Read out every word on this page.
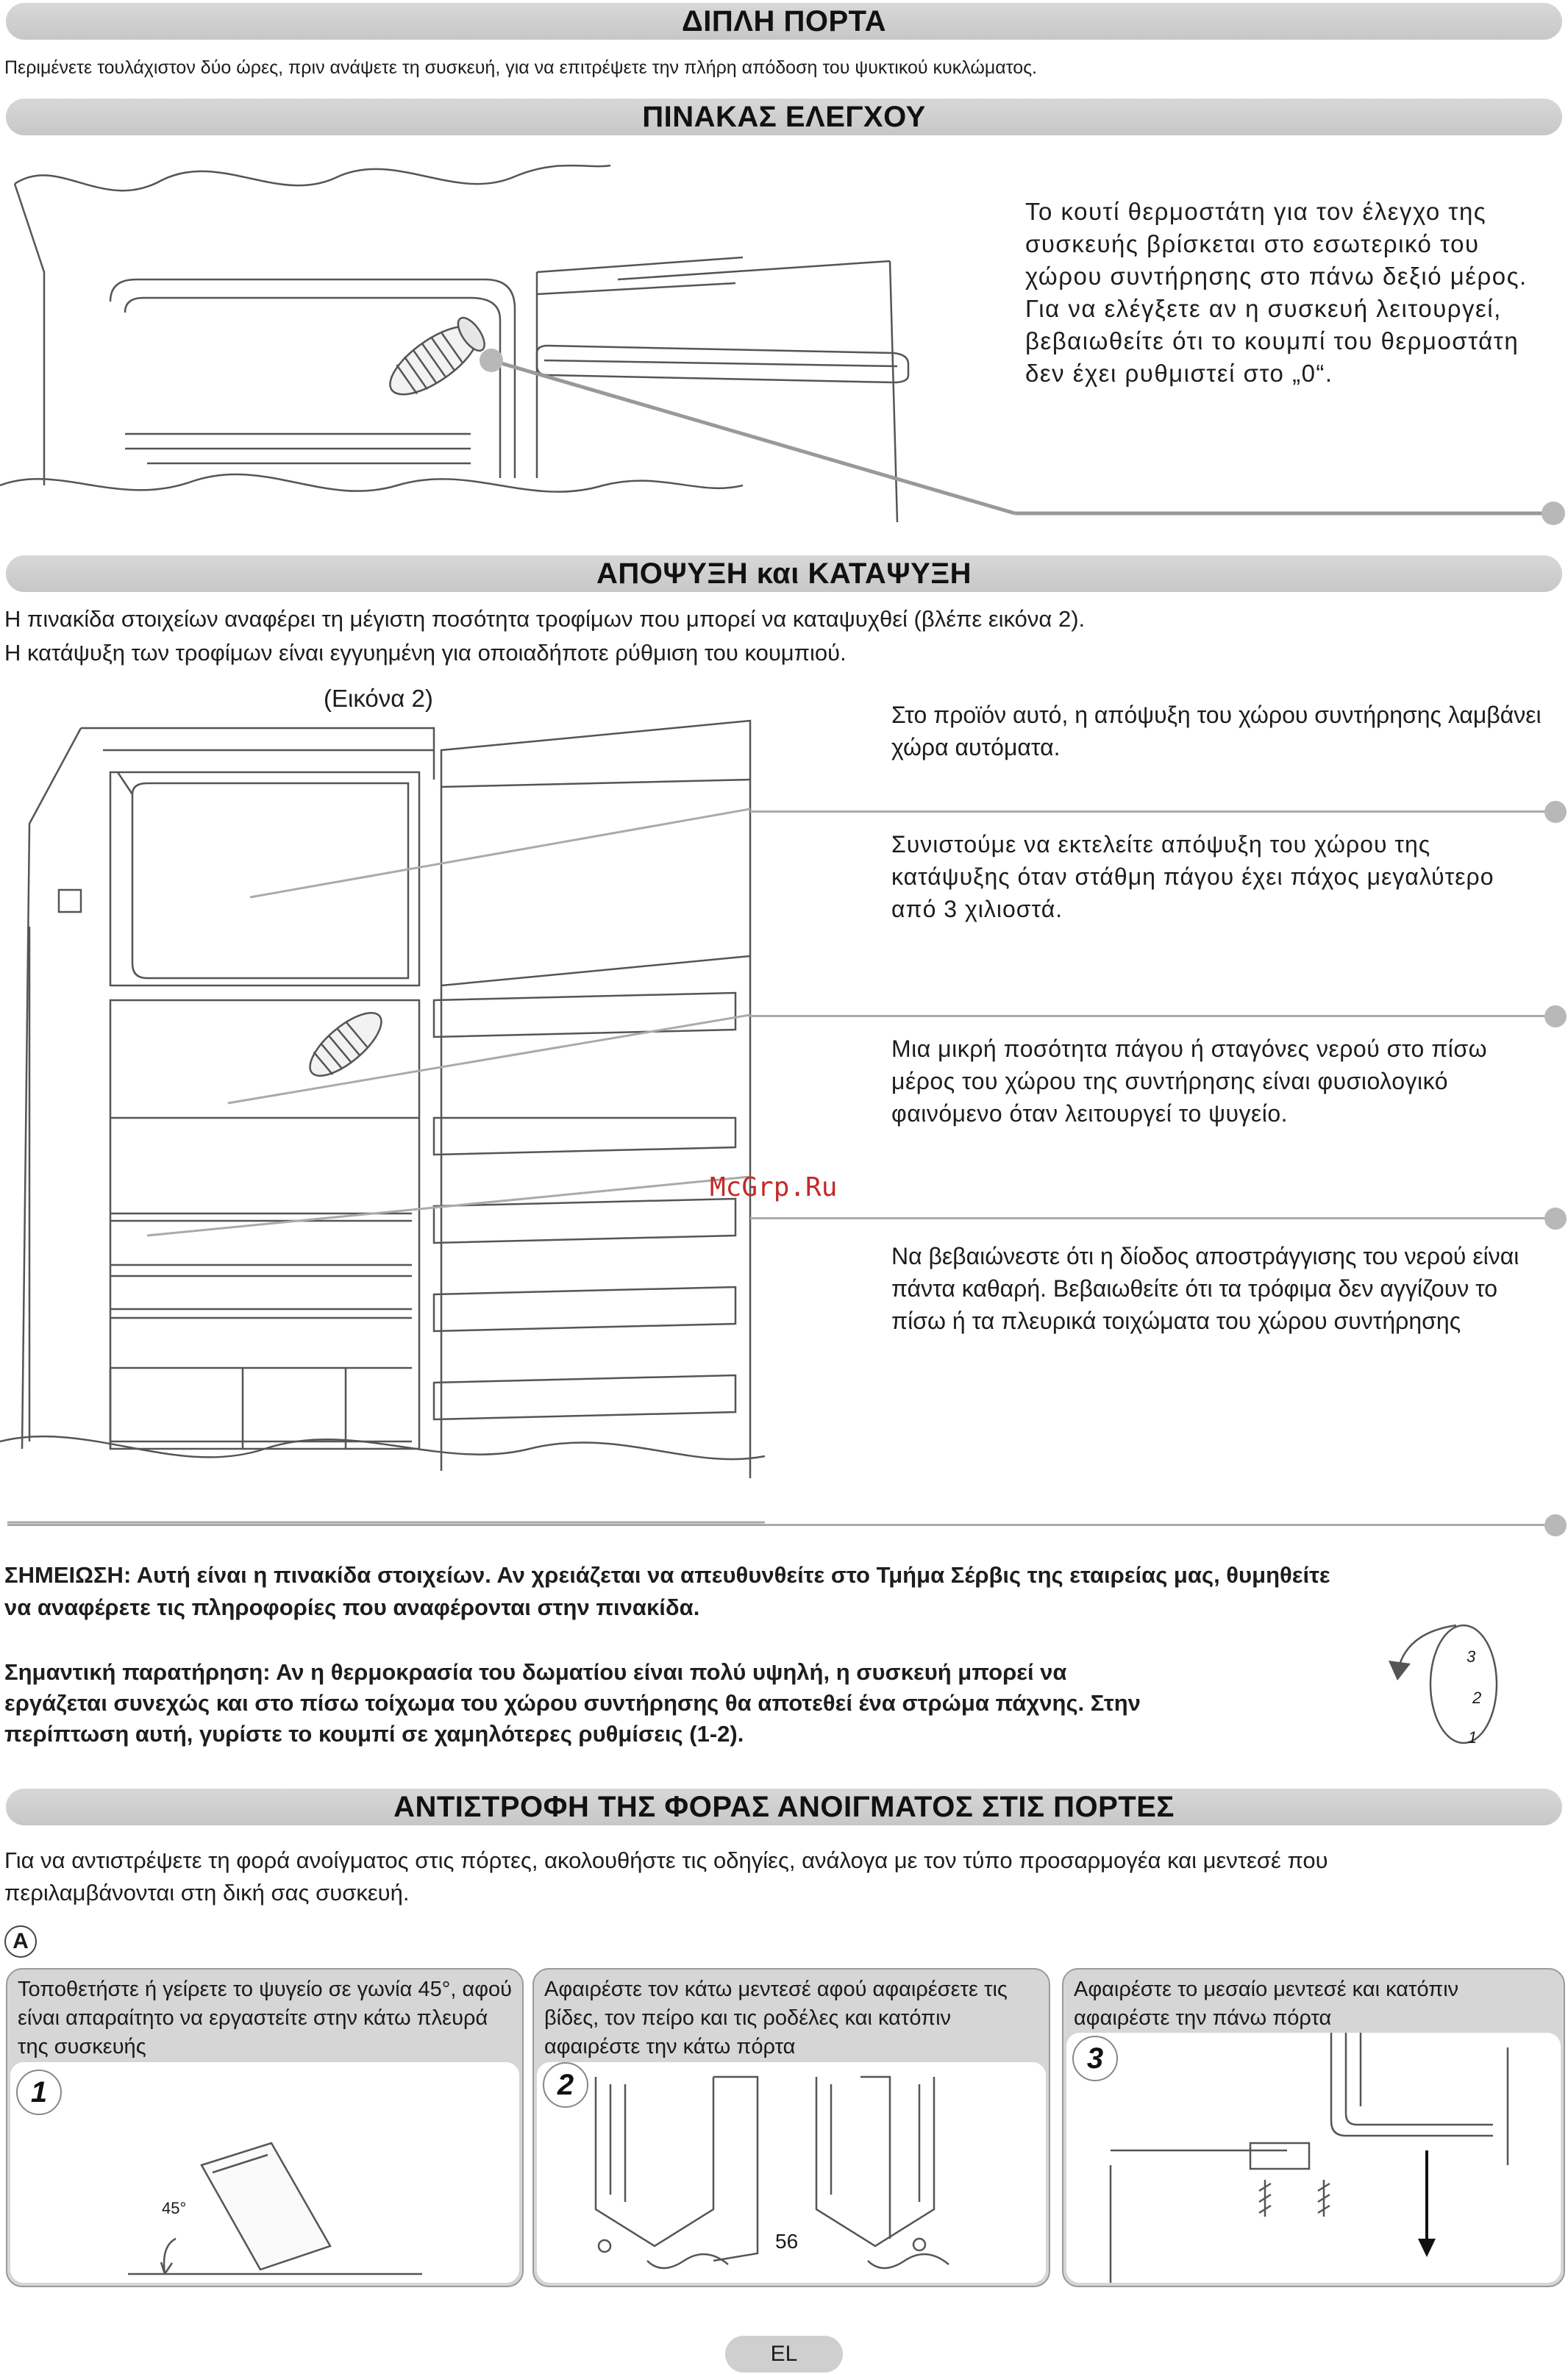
ΔΙΠΛΗ ΠΟΡΤΑ
Περιμένετε τουλάχιστον δύο ώρες, πριν ανάψετε τη συσκευή, για να επιτρέψετε την πλήρη απόδοση του ψυκτικού κυκλώματος.
ΠΙΝΑΚΑΣ ΕΛΕΓΧΟΥ
Το κουτί θερμοστάτη για τον έλεγχο της συσκευής βρίσκεται στο εσωτερικό του χώρου συντήρησης στο πάνω δεξιό μέρος. Για να ελέγξετε αν η συσκευή λειτουργεί, βεβαιωθείτε ότι το κουμπί του θερμοστάτη δεν έχει ρυθμιστεί στο „0“.
ΑΠΟΨΥΞΗ και ΚΑΤΑΨΥΞΗ
Η πινακίδα στοιχείων αναφέρει τη μέγιστη ποσότητα τροφίμων που μπορεί να καταψυχθεί (βλέπε εικόνα 2).
Η κατάψυξη των τροφίμων είναι εγγυημένη για οποιαδήποτε ρύθμιση του κουμπιού.
(Εικόνα 2)
McGrp.Ru
Στο προϊόν αυτό, η απόψυξη του χώρου συντήρησης λαμβάνει χώρα αυτόματα.
Συνιστούμε να εκτελείτε απόψυξη του χώρου της κατάψυξης όταν στάθμη πάγου έχει πάχος μεγαλύτερο από 3 χιλιοστά.
Μια μικρή ποσότητα πάγου ή σταγόνες νερού στο πίσω μέρος του χώρου της συντήρησης είναι φυσιολογικό φαινόμενο όταν λειτουργεί το ψυγείο.
Να βεβαιώνεστε ότι η δίοδος αποστράγγισης του νερού είναι πάντα καθαρή. Βεβαιωθείτε ότι τα τρόφιμα δεν αγγίζουν το πίσω ή τα πλευρικά τοιχώματα του χώρου συντήρησης
ΣΗΜΕΙΩΣΗ: Αυτή είναι η πινακίδα στοιχείων. Αν χρειάζεται να απευθυνθείτε στο Τμήμα Σέρβις της εταιρείας μας, θυμηθείτε
να αναφέρετε τις πληροφορίες που αναφέρονται στην πινακίδα.
Σημαντική παρατήρηση: Αν η θερμοκρασία του δωματίου είναι πολύ υψηλή, η συσκευή μπορεί να
εργάζεται συνεχώς και στο πίσω τοίχωμα του χώρου συντήρησης θα αποτεθεί ένα στρώμα πάχνης. Στην
περίπτωση αυτή, γυρίστε το κουμπί σε χαμηλότερες ρυθμίσεις (1-2).
3
2
1
ΑΝΤΙΣΤΡΟΦΗ ΤΗΣ ΦΟΡΑΣ ΑΝΟΙΓΜΑΤΟΣ ΣΤΙΣ ΠΟΡΤΕΣ
Για να αντιστρέψετε τη φορά ανοίγματος στις πόρτες, ακολουθήστε τις οδηγίες, ανάλογα με τον τύπο προσαρμογέα και μεντεσέ που
περιλαμβάνονται στη δική σας συσκευή.
A
Τοποθετήστε ή γείρετε το ψυγείο σε γωνία 45°, αφού είναι απαραίτητο να εργαστείτε στην κάτω πλευρά της συσκευής
1
45°
Αφαιρέστε τον κάτω μεντεσέ αφού αφαιρέσετε τις βίδες, τον πείρο και τις ροδέλες και κατόπιν αφαιρέστε την κάτω πόρτα
2
56
Αφαιρέστε το μεσαίο μεντεσέ και κατόπιν αφαιρέστε την πάνω πόρτα
3
EL
